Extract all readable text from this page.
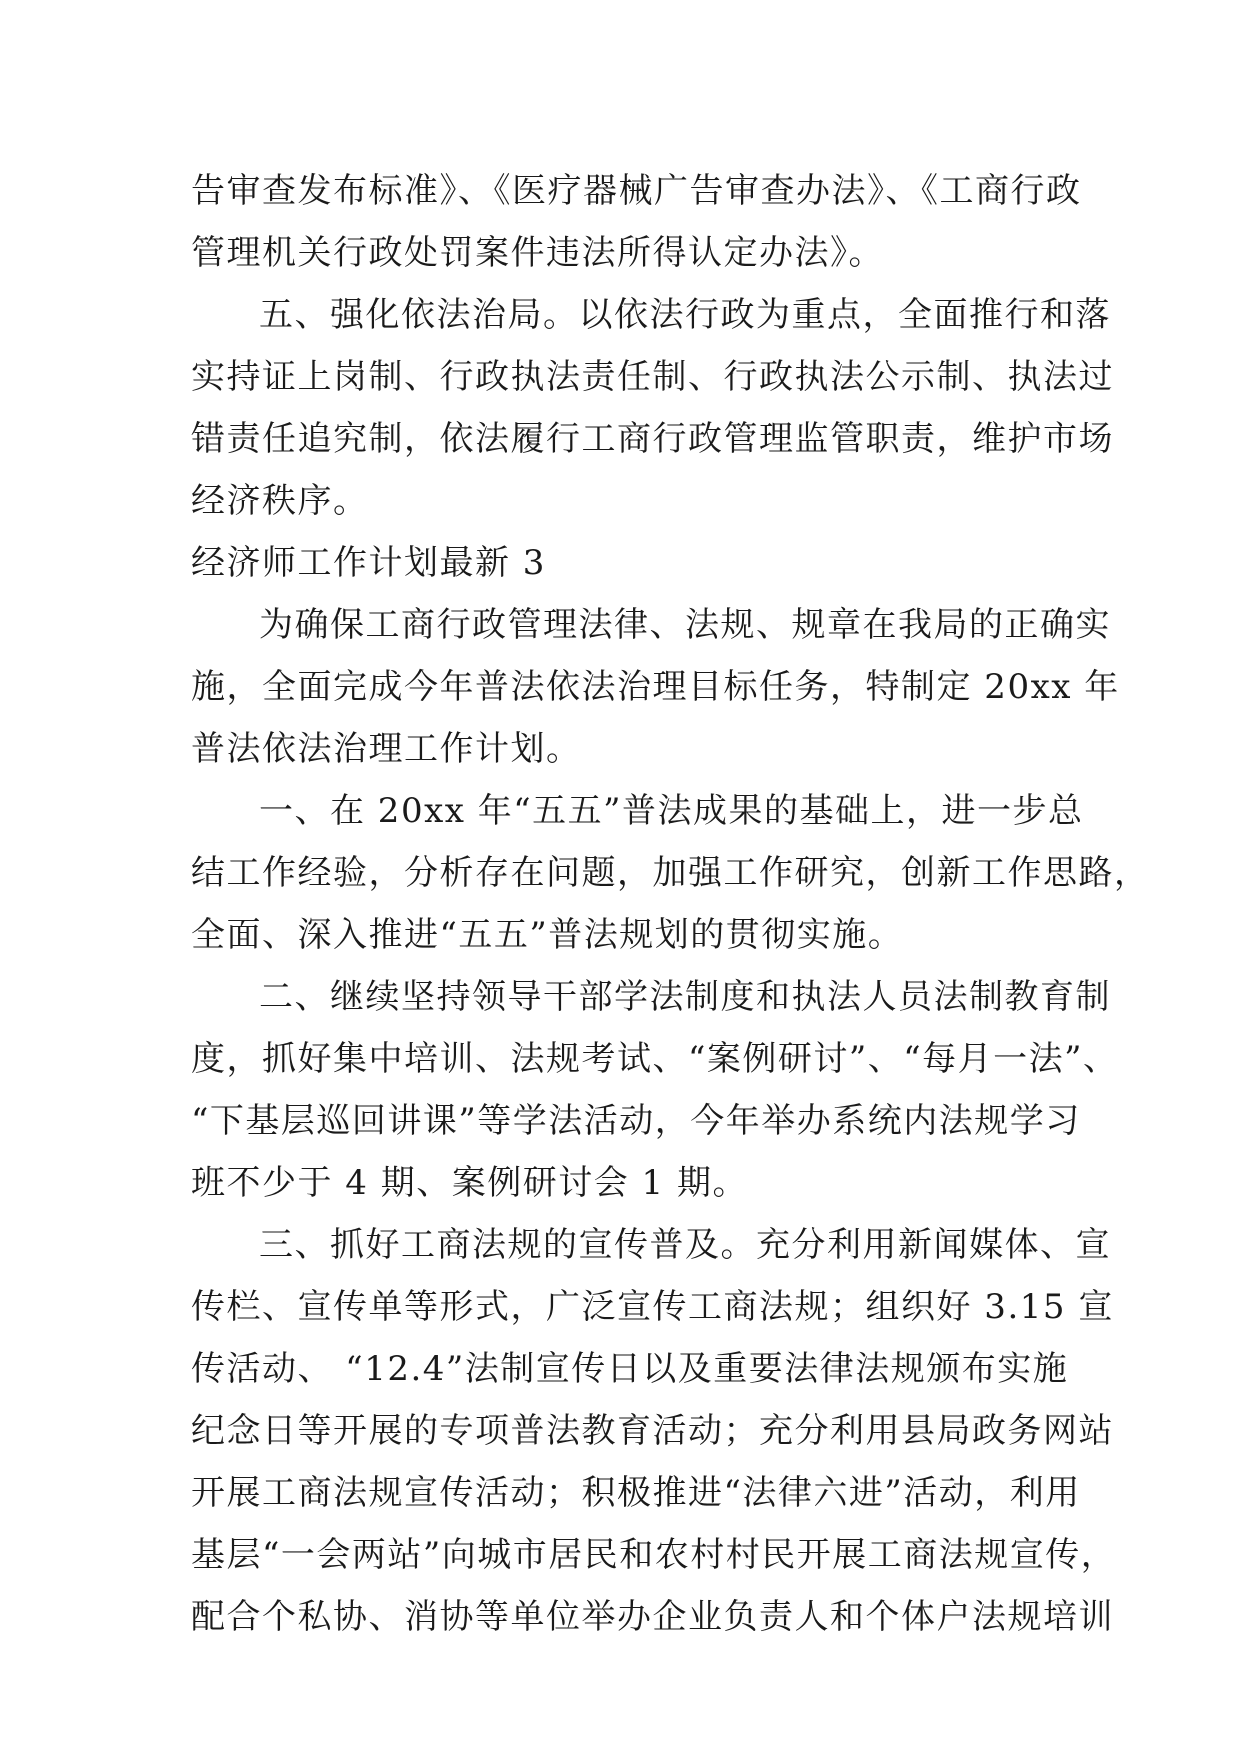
告审查发布标准》、《医疗器械广告审查办法》、《工商行政
管理机关行政处罚案件违法所得认定办法》。
五、强化依法治局。以依法行政为重点，全面推行和落
实持证上岗制、行政执法责任制、行政执法公示制、执法过
错责任追究制，依法履行工商行政管理监管职责，维护市场
经济秩序。
经济师工作计划最新 3
为确保工商行政管理法律、法规、规章在我局的正确实
施，全面完成今年普法依法治理目标任务，特制定 20xx 年
普法依法治理工作计划。
一、在 20xx 年“五五”普法成果的基础上，进一步总
结工作经验，分析存在问题，加强工作研究，创新工作思路，
全面、深入推进“五五”普法规划的贯彻实施。
二、继续坚持领导干部学法制度和执法人员法制教育制
度，抓好集中培训、法规考试、“案例研讨”、“每月一法”、
“下基层巡回讲课”等学法活动，今年举办系统内法规学习
班不少于 4 期、案例研讨会 1 期。
三、抓好工商法规的宣传普及。充分利用新闻媒体、宣
传栏、宣传单等形式，广泛宣传工商法规；组织好 3.15 宣
传活动、 “12.4”法制宣传日以及重要法律法规颁布实施
纪念日等开展的专项普法教育活动；充分利用县局政务网站
开展工商法规宣传活动；积极推进“法律六进”活动，利用
基层“一会两站”向城市居民和农村村民开展工商法规宣传，
配合个私协、消协等单位举办企业负责人和个体户法规培训
